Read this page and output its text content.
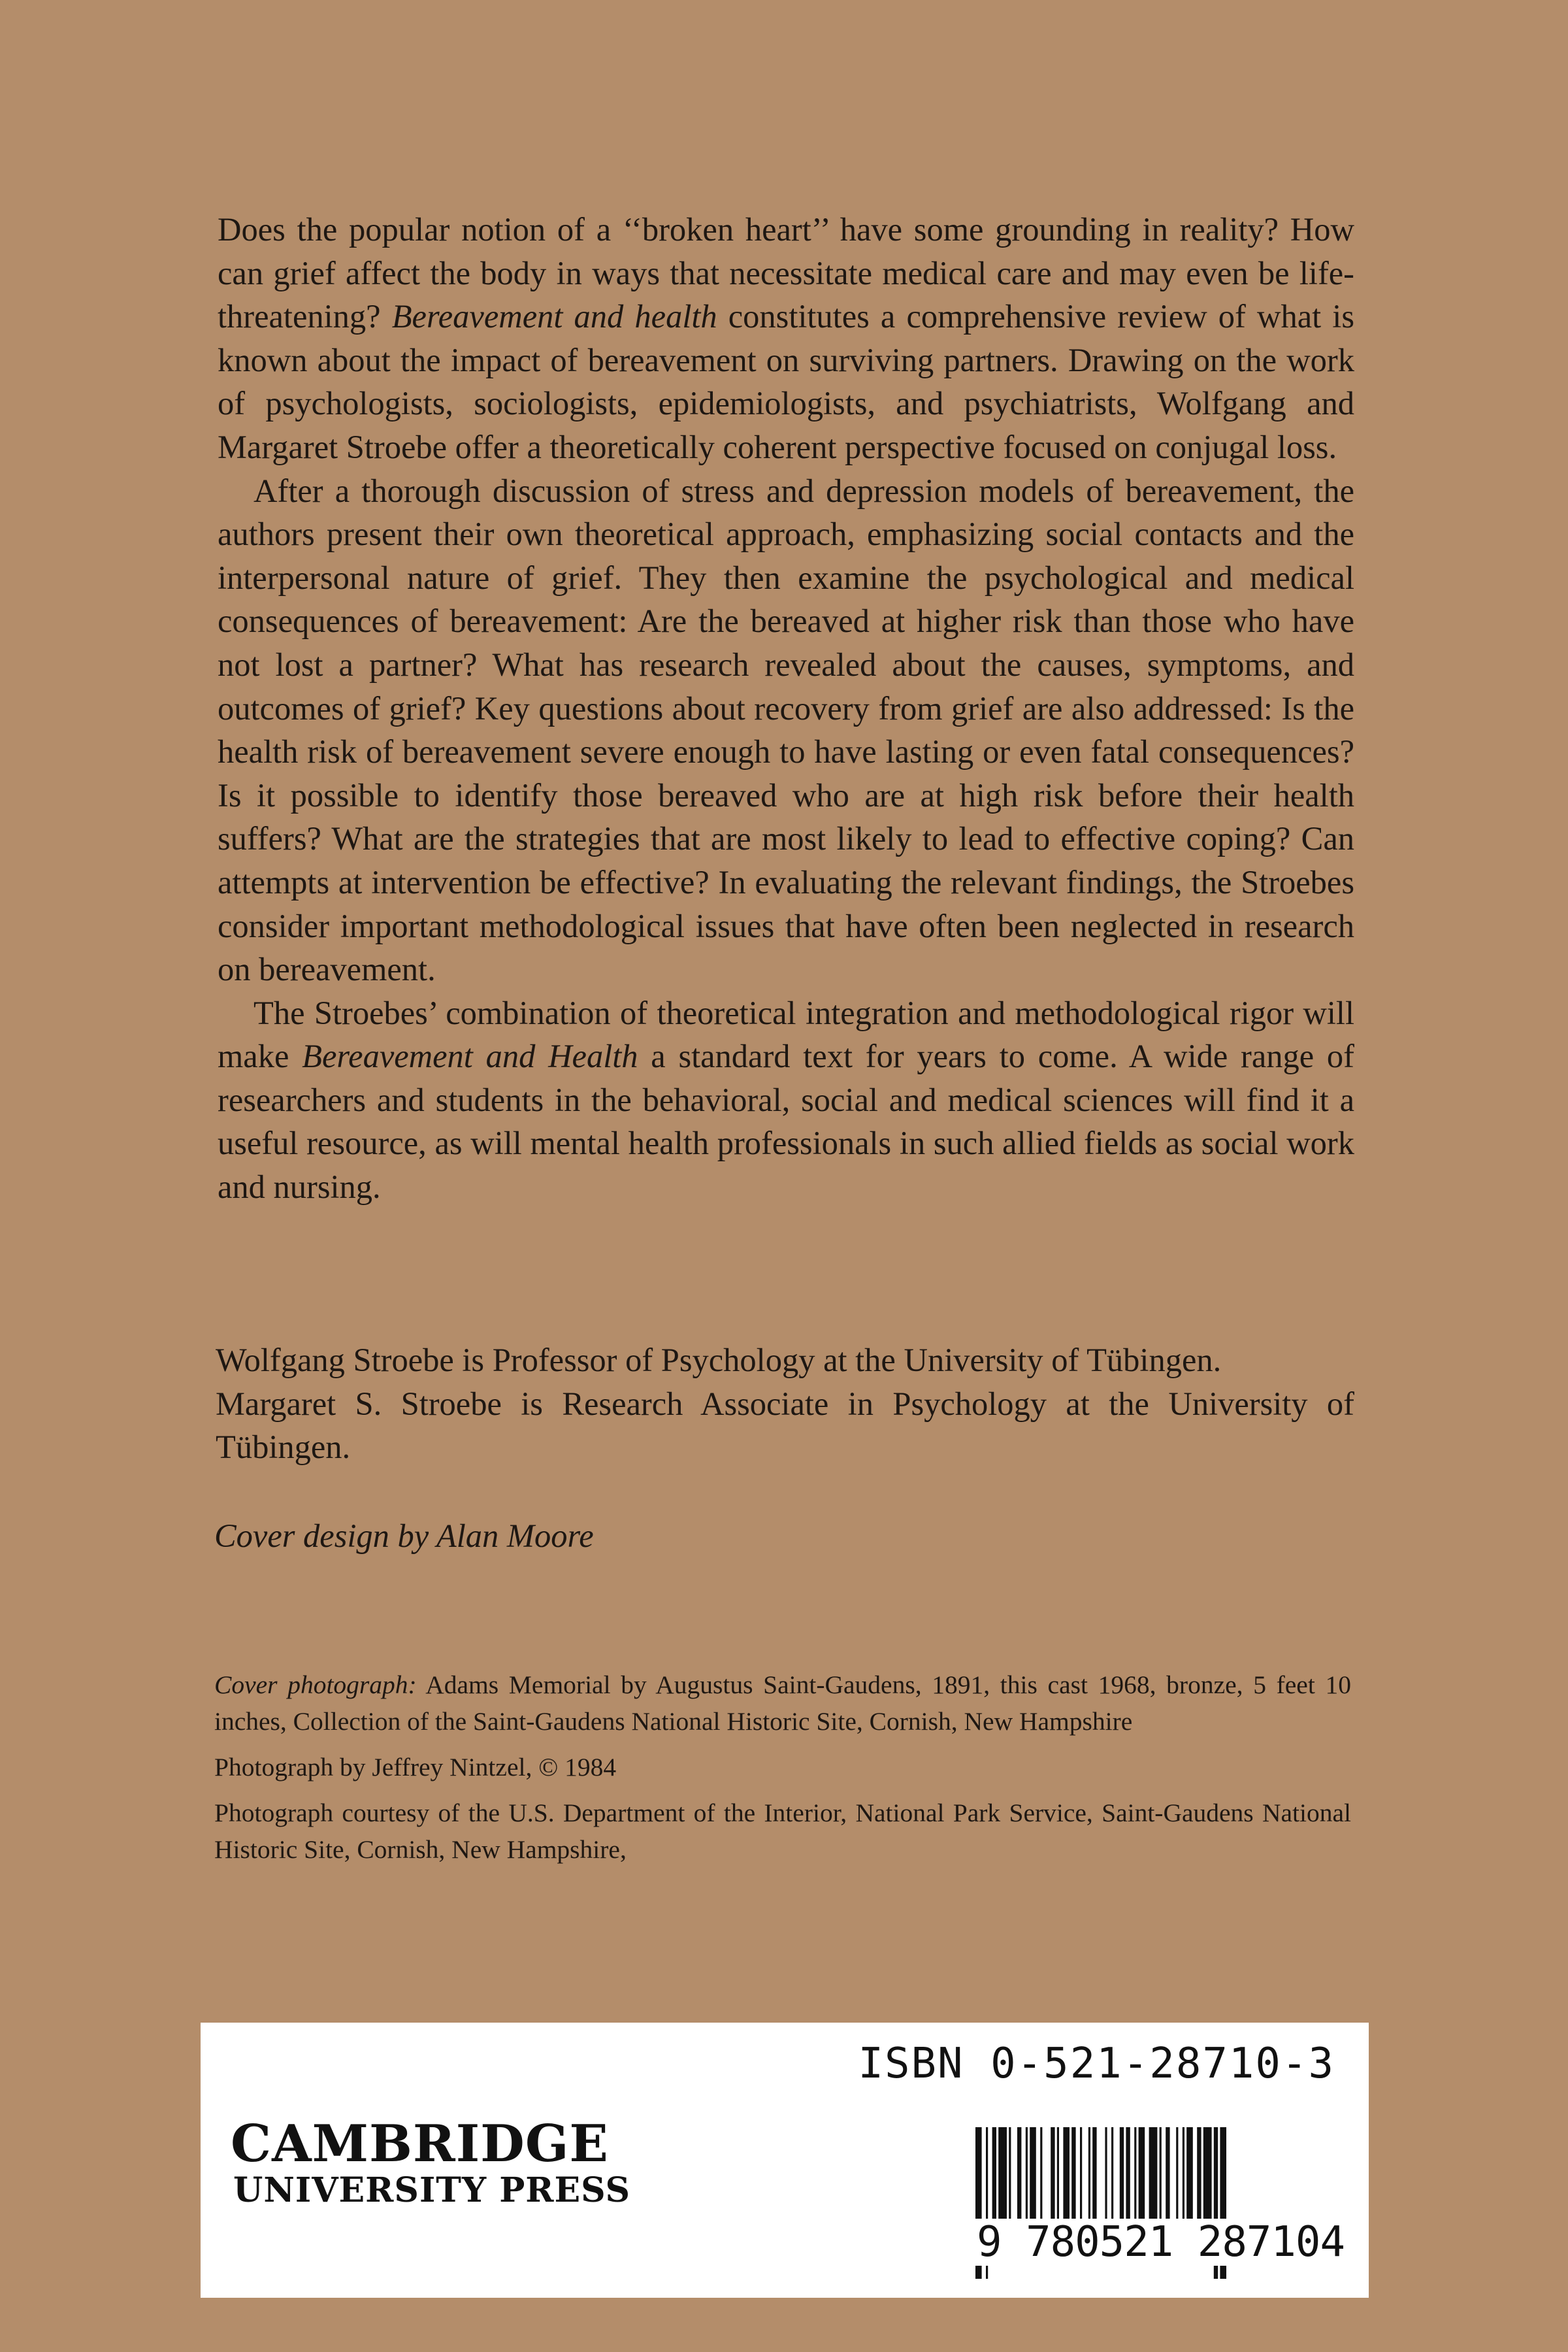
Does the popular notion of a ‘‘broken heart’’ have some grounding in reality? How can grief affect the body in ways that necessitate medical care and may even be life-threatening? Bereavement and health constitutes a comprehensive review of what is known about the impact of bereavement on surviving partners. Drawing on the work of psychologists, sociologists, epidemiologists, and psychiatrists, Wolfgang and Margaret Stroebe offer a theoretically coherent perspective focused on conjugal loss.

After a thorough discussion of stress and depression models of bereavement, the authors present their own theoretical approach, emphasizing social contacts and the interpersonal nature of grief. They then examine the psychological and medical consequences of bereavement: Are the bereaved at higher risk than those who have not lost a partner? What has research revealed about the causes, symptoms, and outcomes of grief? Key questions about recovery from grief are also addressed: Is the health risk of bereavement severe enough to have lasting or even fatal consequences? Is it possible to identify those bereaved who are at high risk before their health suffers? What are the strategies that are most likely to lead to effective coping? Can attempts at intervention be effective? In evaluating the relevant findings, the Stroebes consider important methodological issues that have often been neglected in research on bereavement.

The Stroebes’ combination of theoretical integration and methodological rigor will make Bereavement and Health a standard text for years to come. A wide range of researchers and students in the behavioral, social and medical sciences will find it a useful resource, as will mental health professionals in such allied fields as social work and nursing.

Wolfgang Stroebe is Professor of Psychology at the University of Tübingen.

Margaret S. Stroebe is Research Associate in Psychology at the University of Tübingen.

Cover design by Alan Moore

Cover photograph: Adams Memorial by Augustus Saint-Gaudens, 1891, this cast 1968, bronze, 5 feet 10 inches, Collection of the Saint-Gaudens National Historic Site, Cornish, New Hampshire

Photograph by Jeffrey Nintzel, © 1984

Photograph courtesy of the U.S. Department of the Interior, National Park Service, Saint-Gaudens National Historic Site, Cornish, New Hampshire,

ISBN 0-521-28710-3
CAMBRIDGE
UNIVERSITY PRESS
9 780521 287104
